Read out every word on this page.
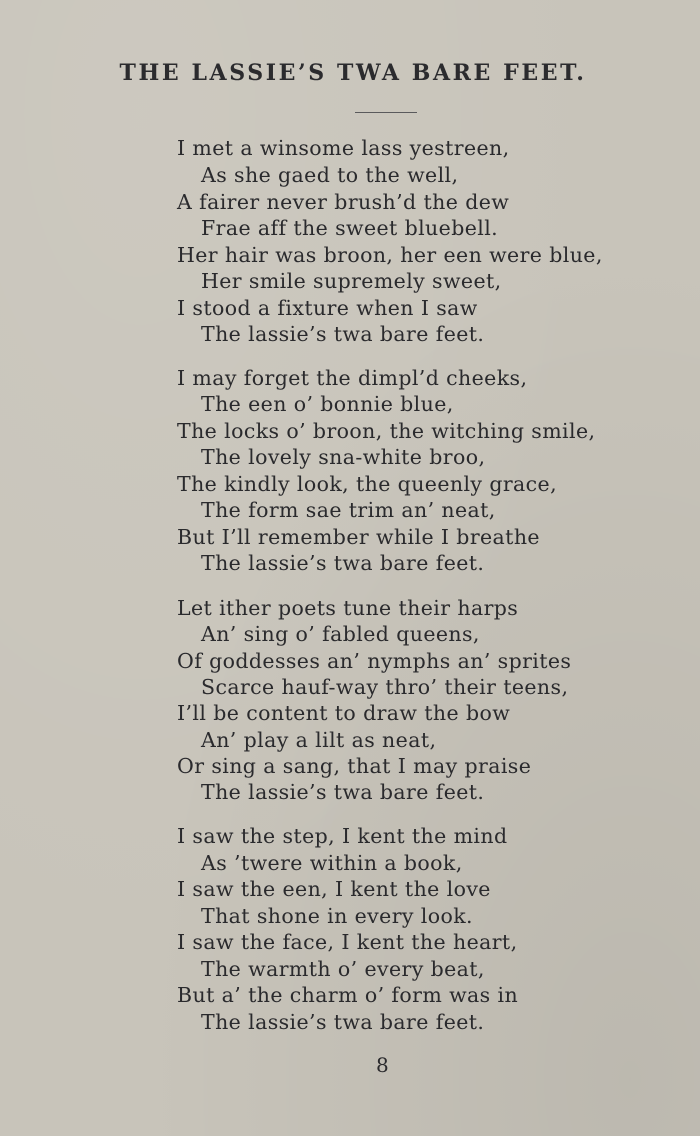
THE LASSIE’S TWA BARE FEET.
I met a winsome lass yestreen,
As she gaed to the well,
A fairer never brush’d the dew
Frae aff the sweet bluebell.
Her hair was broon, her een were blue,
Her smile supremely sweet,
I stood a fixture when I saw
The lassie’s twa bare feet.
I may forget the dimpl’d cheeks,
The een o’ bonnie blue,
The locks o’ broon, the witching smile,
The lovely sna-white broo,
The kindly look, the queenly grace,
The form sae trim an’ neat,
But I’ll remember while I breathe
The lassie’s twa bare feet.
Let ither poets tune their harps
An’ sing o’ fabled queens,
Of goddesses an’ nymphs an’ sprites
Scarce hauf-way thro’ their teens,
I’ll be content to draw the bow
An’ play a lilt as neat,
Or sing a sang, that I may praise
The lassie’s twa bare feet.
I saw the step, I kent the mind
As ’twere within a book,
I saw the een, I kent the love
That shone in every look.
I saw the face, I kent the heart,
The warmth o’ every beat,
But a’ the charm o’ form was in
The lassie’s twa bare feet.
8
